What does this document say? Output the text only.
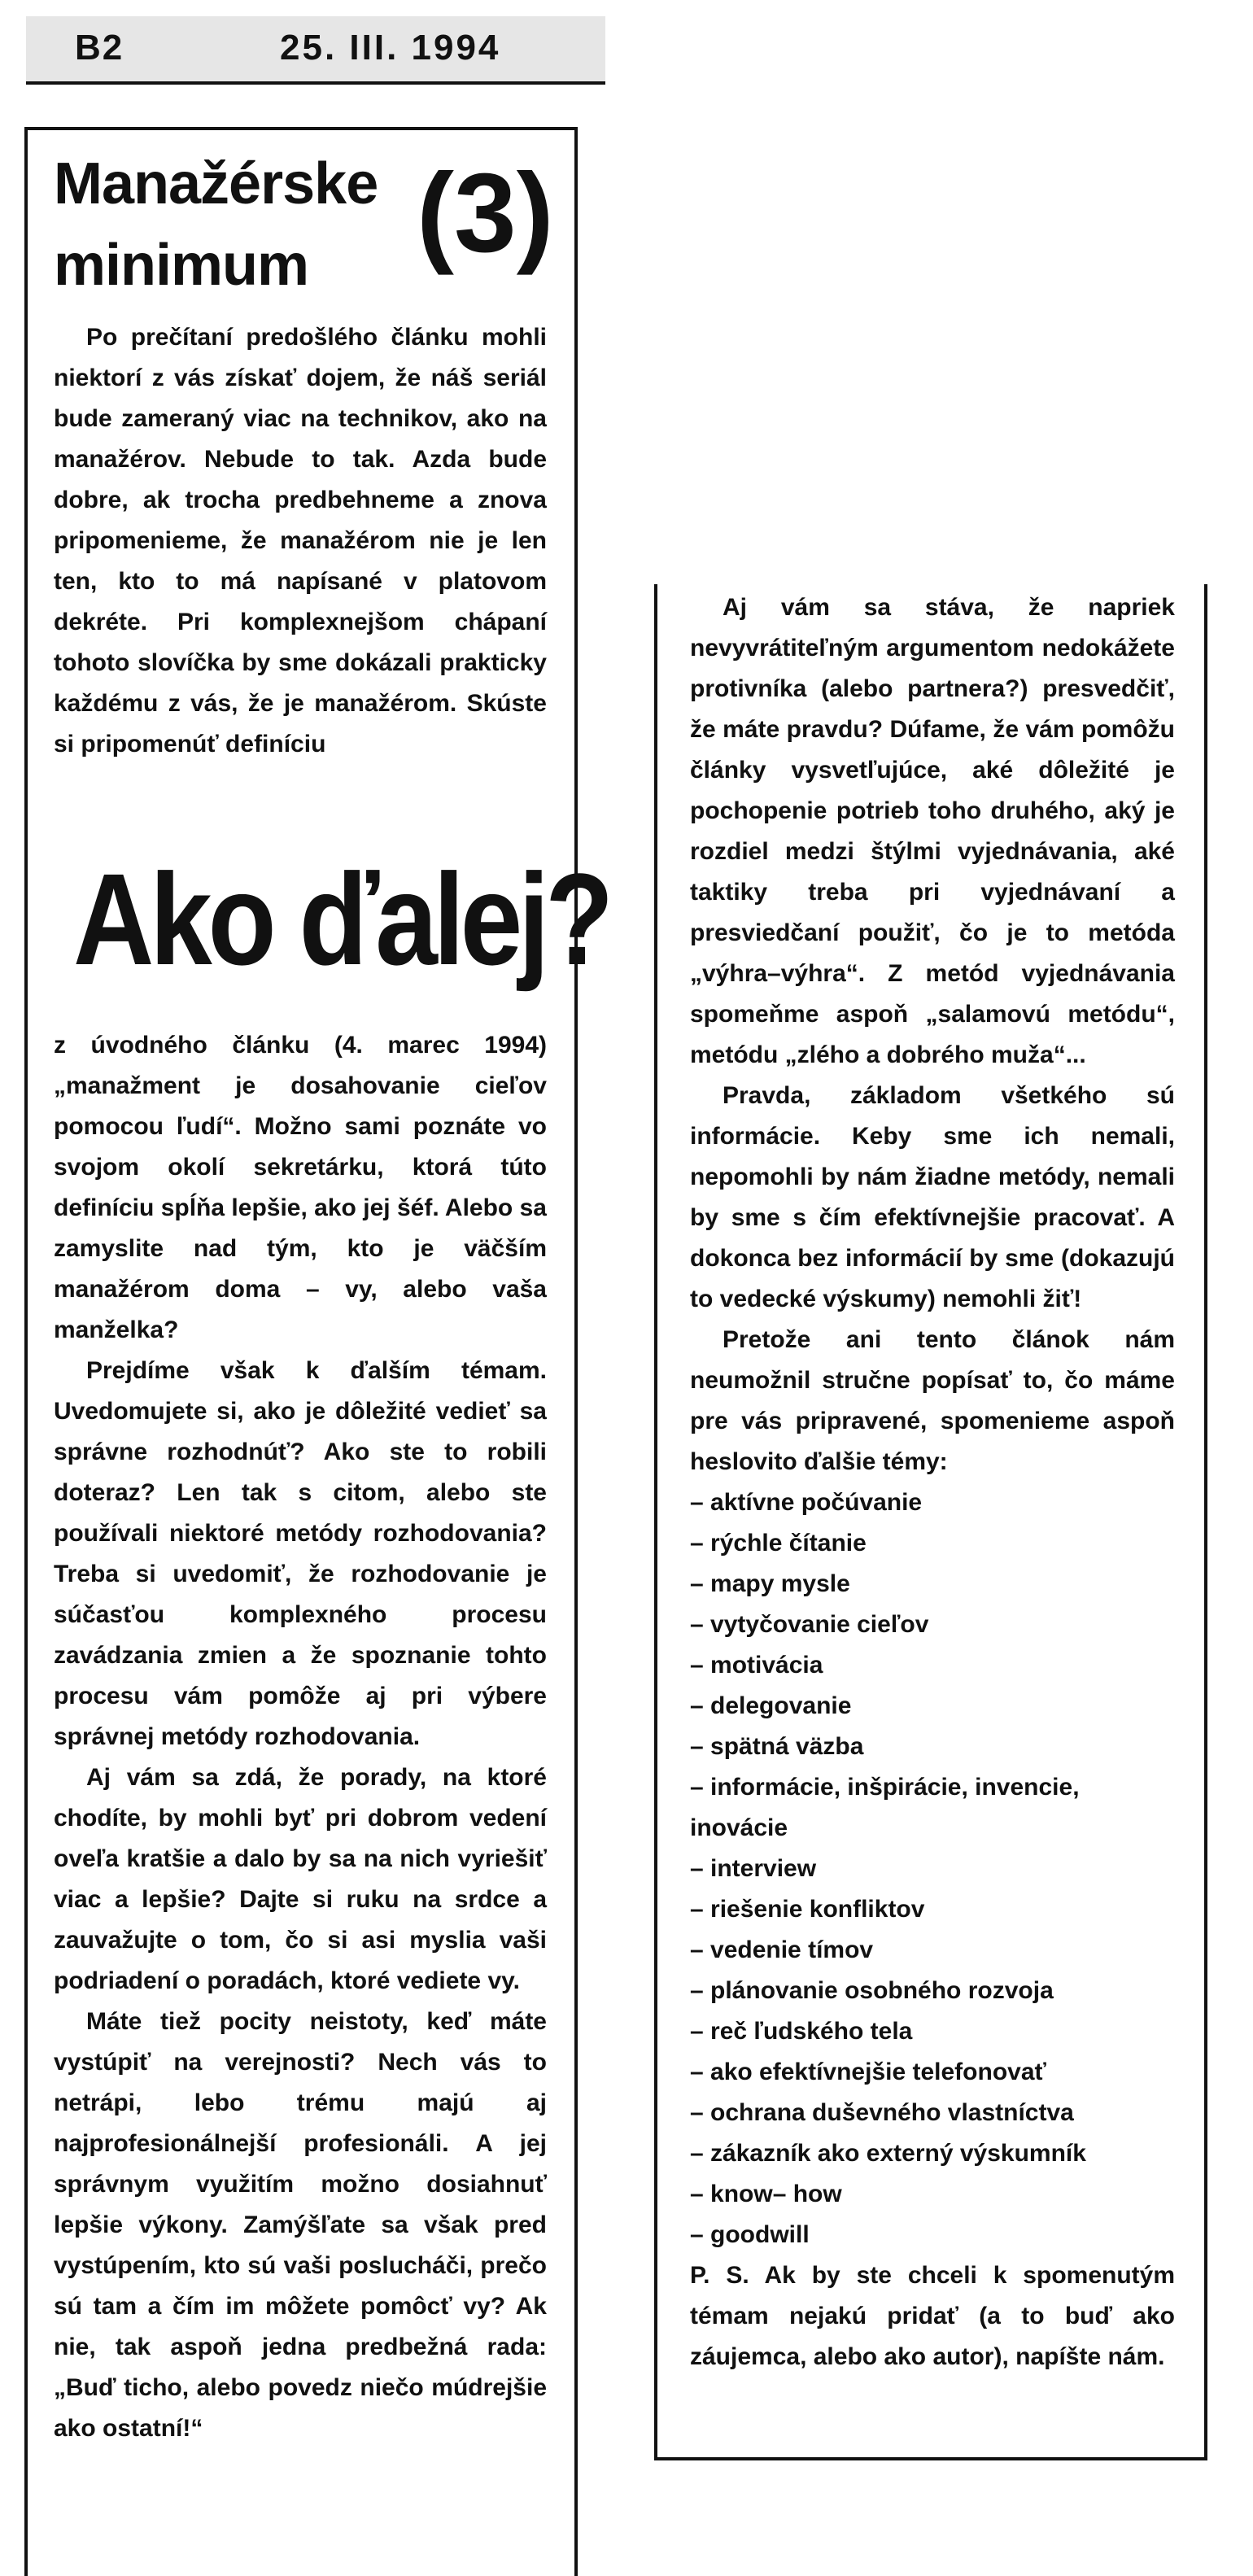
B2	25. III. 1994
Manažérske
minimum (3)

Po prečítaní predošlého článku mohli niektorí z vás získať dojem, že náš seriál bude zameraný viac na technikov, ako na manažérov. Nebude to tak. Azda bude dobre, ak trocha predbehneme a znova pripomenieme, že manažérom nie je len ten, kto to má napísané v platovom dekréte. Pri komplexnejšom chápaní tohoto slovíčka by sme dokázali prakticky každému z vás, že je manažérom. Skúste si pripomenúť definíciu

Ako ďalej?

z úvodného článku (4. marec 1994) „manažment je dosahovanie cieľov pomocou ľudí“. Možno sami poznáte vo svojom okolí sekretárku, ktorá túto definíciu spĺňa lepšie, ako jej šéf. Alebo sa zamyslite nad tým, kto je väčším manažérom doma – vy, alebo vaša manželka?

Prejdíme však k ďalším témam. Uvedomujete si, ako je dôležité vedieť sa správne rozhodnúť? Ako ste to robili doteraz? Len tak s citom, alebo ste používali niektoré metódy rozhodovania? Treba si uvedomiť, že rozhodovanie je súčasťou komplexného procesu zavádzania zmien a že spoznanie tohto procesu vám pomôže aj pri výbere správnej metódy rozhodovania.

Aj vám sa zdá, že porady, na ktoré chodíte, by mohli byť pri dobrom vedení oveľa kratšie a dalo by sa na nich vyriešiť viac a lepšie? Dajte si ruku na srdce a zauvažujte o tom, čo si asi myslia vaši podriadení o poradách, ktoré vediete vy.

Máte tiež pocity neistoty, keď máte vystúpiť na verejnosti? Nech vás to netrápi, lebo trému majú aj najprofesionálnejší profesionáli. A jej správnym využitím možno dosiahnuť lepšie výkony. Zamýšľate sa však pred vystúpením, kto sú vaši poslucháči, prečo sú tam a čím im môžete pomôcť vy? Ak nie, tak aspoň jedna predbežná rada: „Buď ticho, alebo povedz niečo múdrejšie ako ostatní!“

Aj vám sa stáva, že napriek nevyvrátiteľným argumentom nedokážete protivníka (alebo partnera?) presvedčiť, že máte pravdu? Dúfame, že vám pomôžu články vysvetľujúce, aké dôležité je pochopenie potrieb toho druhého, aký je rozdiel medzi štýlmi vyjednávania, aké taktiky treba pri vyjednávaní a presviedčaní použiť, čo je to metóda „výhra–výhra“. Z metód vyjednávania spomeňme aspoň „salamovú metódu“, metódu „zlého a dobrého muža“...

Pravda, základom všetkého sú informácie. Keby sme ich nemali, nepomohli by nám žiadne metódy, nemali by sme s čím efektívnejšie pracovať. A dokonca bez informácií by sme (dokazujú to vedecké výskumy) nemohli žiť!

Pretože ani tento článok nám neumožnil stručne popísať to, čo máme pre vás pripravené, spomenieme aspoň heslovito ďalšie témy:

– aktívne počúvanie
– rýchle čítanie
– mapy mysle
– vytyčovanie cieľov
– motivácia
– delegovanie
– spätná väzba
– informácie, inšpirácie, invencie, inovácie
– interview
– riešenie konfliktov
– vedenie tímov
– plánovanie osobného rozvoja
– reč ľudského tela
– ako efektívnejšie telefonovať
– ochrana duševného vlastníctva
– zákazník ako externý výskumník
– know– how
– goodwill

P. S. Ak by ste chceli k spomenutým témam nejakú pridať (a to buď ako záujemca, alebo ako autor), napíšte nám.
